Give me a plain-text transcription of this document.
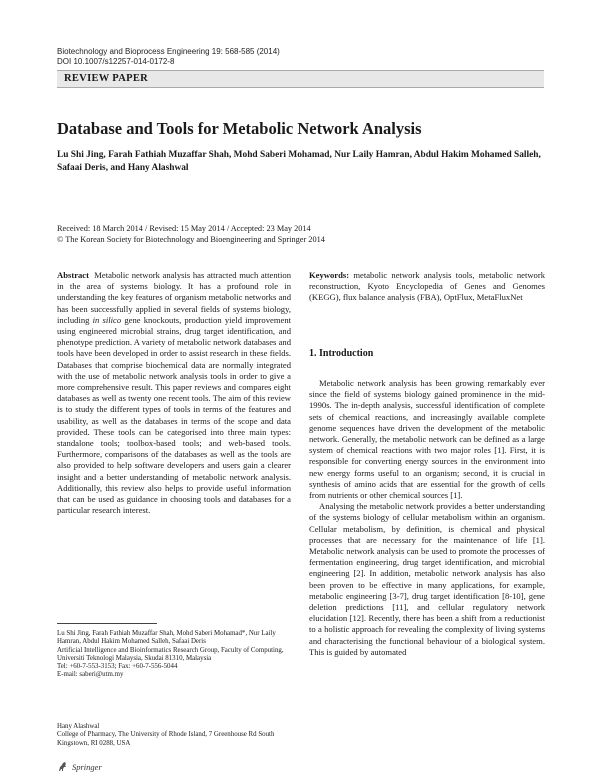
Biotechnology and Bioprocess Engineering 19: 568-585 (2014)
DOI 10.1007/s12257-014-0172-8
REVIEW PAPER
Database and Tools for Metabolic Network Analysis
Lu Shi Jing, Farah Fathiah Muzaffar Shah, Mohd Saberi Mohamad, Nur Laily Hamran, Abdul Hakim Mohamed Salleh, Safaai Deris, and Hany Alashwal
Received: 18 March 2014 / Revised: 15 May 2014 / Accepted: 23 May 2014
© The Korean Society for Biotechnology and Bioengineering and Springer 2014
Abstract Metabolic network analysis has attracted much attention in the area of systems biology. It has a profound role in understanding the key features of organism metabolic networks and has been successfully applied in several fields of systems biology, including in silico gene knockouts, production yield improvement using engineered microbial strains, drug target identification, and phenotype prediction. A variety of metabolic network databases and tools have been developed in order to assist research in these fields. Databases that comprise biochemical data are normally integrated with the use of metabolic network analysis tools in order to give a more comprehensive result. This paper reviews and compares eight databases as well as twenty one recent tools. The aim of this review is to study the different types of tools in terms of the features and usability, as well as the databases in terms of the scope and data provided. These tools can be categorised into three main types: standalone tools; toolbox-based tools; and web-based tools. Furthermore, comparisons of the databases as well as the tools are also provided to help software developers and users gain a clearer insight and a better understanding of metabolic network analysis. Additionally, this review also helps to provide useful information that can be used as guidance in choosing tools and databases for a particular research interest.
Keywords: metabolic network analysis tools, metabolic network reconstruction, Kyoto Encyclopedia of Genes and Genomes (KEGG), flux balance analysis (FBA), OptFlux, MetaFluxNet
1. Introduction

Metabolic network analysis has been growing remarkably ever since the field of systems biology gained prominence in the mid-1990s. The in-depth analysis, successful identification of complete sets of chemical reactions, and increasingly available complete genome sequences have driven the development of the metabolic network. Generally, the metabolic network can be defined as a large system of chemical reactions with two major roles [1]. First, it is responsible for converting energy sources in the environment into new energy forms useful to an organism; second, it is crucial in synthesis of amino acids that are essential for the growth of cells from nutrients or other chemical sources [1].

Analysing the metabolic network provides a better understanding of the systems biology of cellular metabolism within an organism. Cellular metabolism, by definition, is chemical and physical processes that are necessary for the maintenance of life [1]. Metabolic network analysis can be used to promote the processes of fermentation engineering, drug target identification, and microbial engineering [2]. In addition, metabolic network analysis has also been proven to be effective in many applications, for example, metabolic engineering [3-7], drug target identification [8-10], gene deletion predictions [11], and cellular regulatory network elucidation [12]. Recently, there has been a shift from a reductionist to a holistic approach for revealing the complexity of living systems and characterising the functional behaviour of a biological system. This is guided by automated

Lu Shi Jing, Farah Fathiah Muzaffar Shah, Mohd Saberi Mohamad*, Nur Laily Hamran, Abdul Hakim Mohamed Salleh, Safaai Deris
Artificial Intelligence and Bioinformatics Research Group, Faculty of Computing, Universiti Teknologi Malaysia, Skudai 81310, Malaysia
Tel: +60-7-553-3153; Fax: +60-7-556-5044
E-mail: saberi@utm.my
Hany Alashwal
College of Pharmacy, The University of Rhode Island, 7 Greenhouse Rd South Kingstown, RI 0288, USA
Springer
